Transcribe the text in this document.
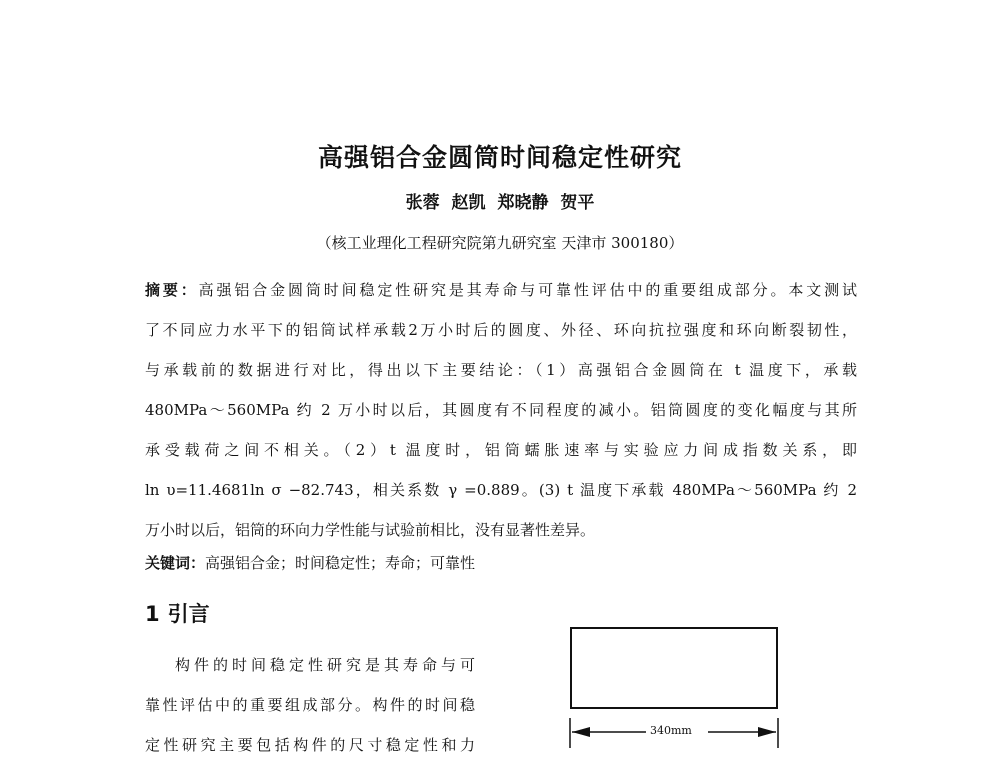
高强铝合金圆筒时间稳定性研究
张蓉 赵凯 郑晓静 贺平
（核工业理化工程研究院第九研究室 天津市 300180）
摘要：高强铝合金圆筒时间稳定性研究是其寿命与可靠性评估中的重要组成部分。本文测试
了不同应力水平下的铝筒试样承载2万小时后的圆度、外径、环向抗拉强度和环向断裂韧性，
与承载前的数据进行对比，得出以下主要结论：（1）高强铝合金圆筒在 t 温度下，承载
480MPa～560MPa 约 2 万小时以后，其圆度有不同程度的减小。铝筒圆度的变化幅度与其所
承受载荷之间不相关。（2）t 温度时，铝筒蠕胀速率与实验应力间成指数关系，即
ln υ=11.4681ln σ −82.743，相关系数 γ =0.889。(3) t 温度下承载 480MPa～560MPa 约 2
万小时以后，铝筒的环向力学性能与试验前相比，没有显著性差异。
关键词：高强铝合金；时间稳定性；寿命；可靠性
1 引言
构件的时间稳定性研究是其寿命与可
靠性评估中的重要组成部分。构件的时间稳
定性研究主要包括构件的尺寸稳定性和力
340mm
